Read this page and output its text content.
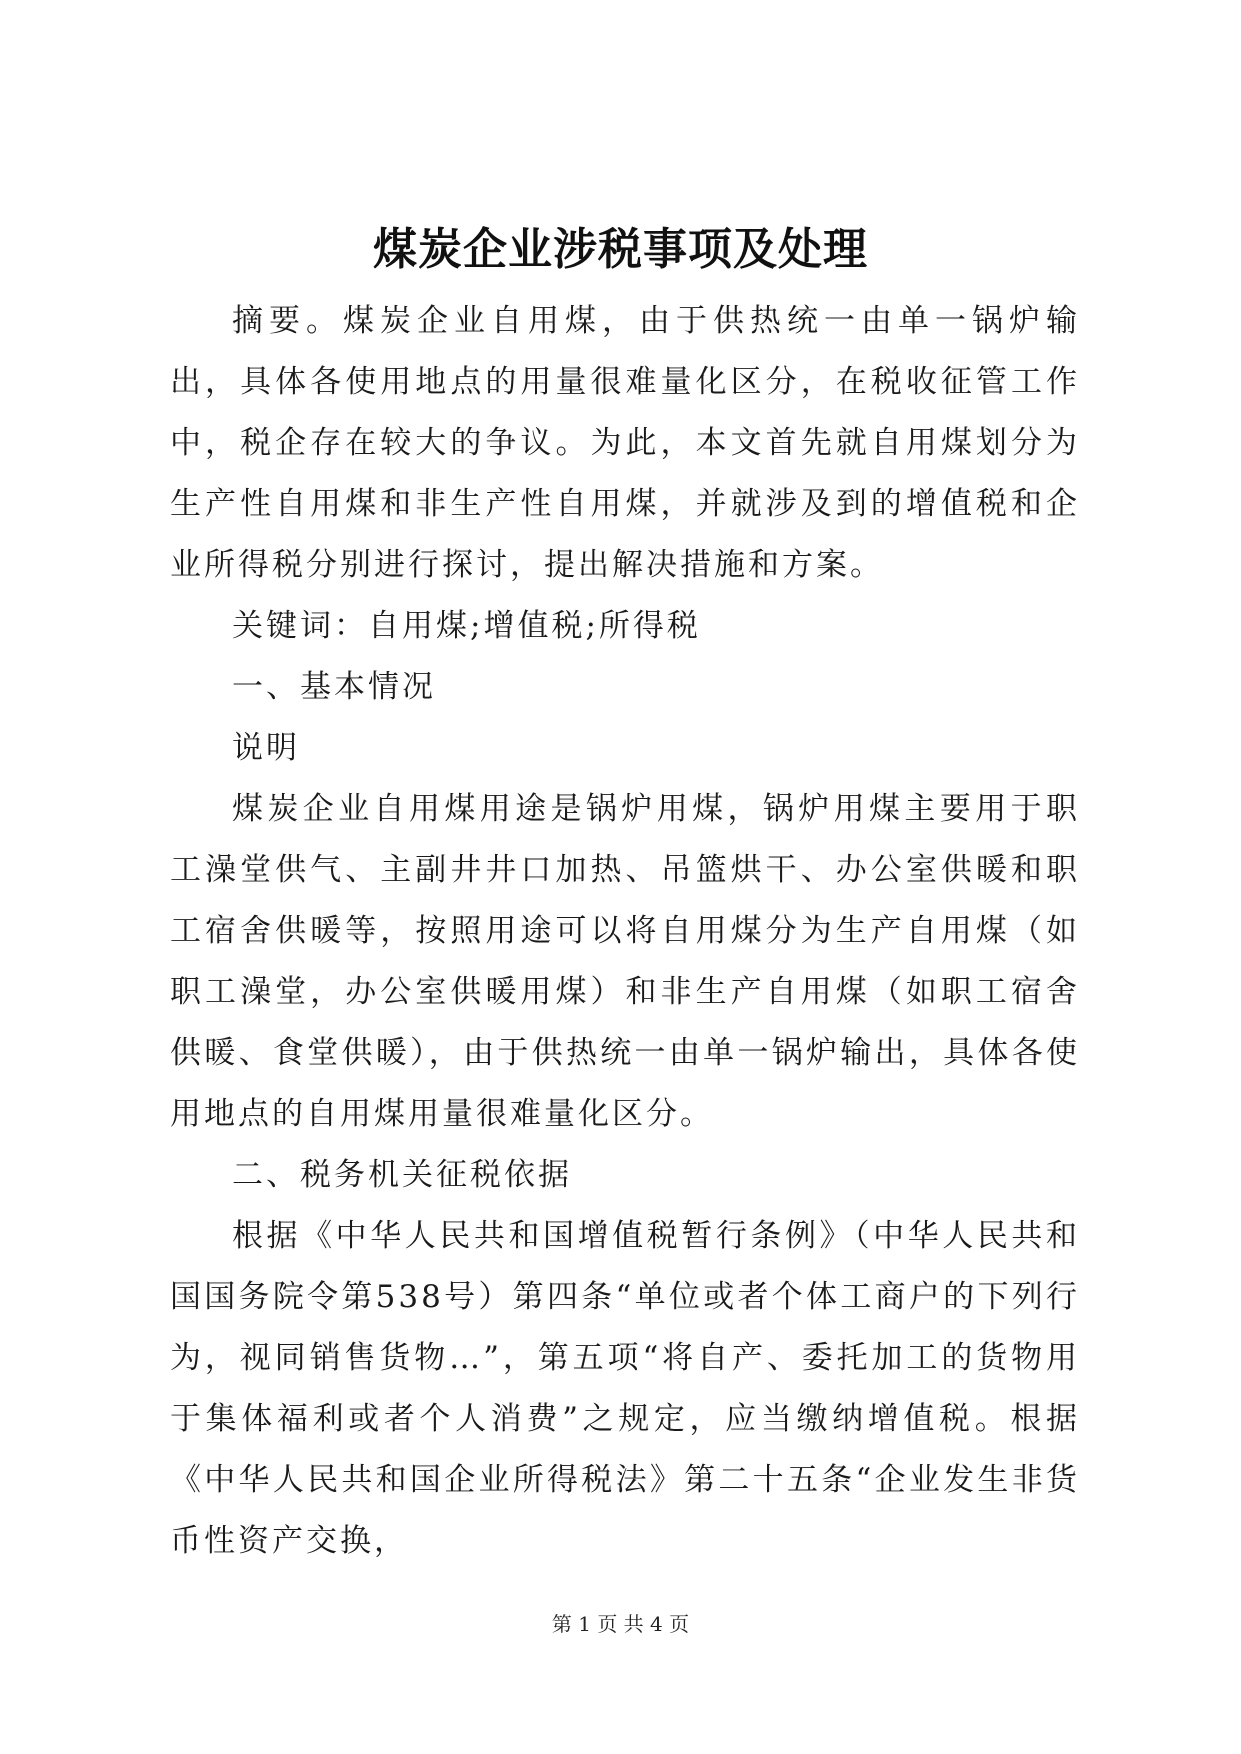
煤炭企业涉税事项及处理

摘要。煤炭企业自用煤，由于供热统一由单一锅炉输出，具体各使用地点的用量很难量化区分，在税收征管工作中，税企存在较大的争议。为此，本文首先就自用煤划分为生产性自用煤和非生产性自用煤，并就涉及到的增值税和企业所得税分别进行探讨，提出解决措施和方案。

关键词：自用煤;增值税;所得税

一、基本情况

说明

煤炭企业自用煤用途是锅炉用煤，锅炉用煤主要用于职工澡堂供气、主副井井口加热、吊篮烘干、办公室供暖和职工宿舍供暖等，按照用途可以将自用煤分为生产自用煤（如职工澡堂，办公室供暖用煤）和非生产自用煤（如职工宿舍供暖、食堂供暖），由于供热统一由单一锅炉输出，具体各使用地点的自用煤用量很难量化区分。

二、税务机关征税依据

根据《中华人民共和国增值税暂行条例》（中华人民共和国国务院令第538号）第四条“单位或者个体工商户的下列行为，视同销售货物…”，第五项“将自产、委托加工的货物用于集体福利或者个人消费”之规定，应当缴纳增值税。根据《中华人民共和国企业所得税法》第二十五条“企业发生非货币性资产交换，

第 1 页 共 4 页
